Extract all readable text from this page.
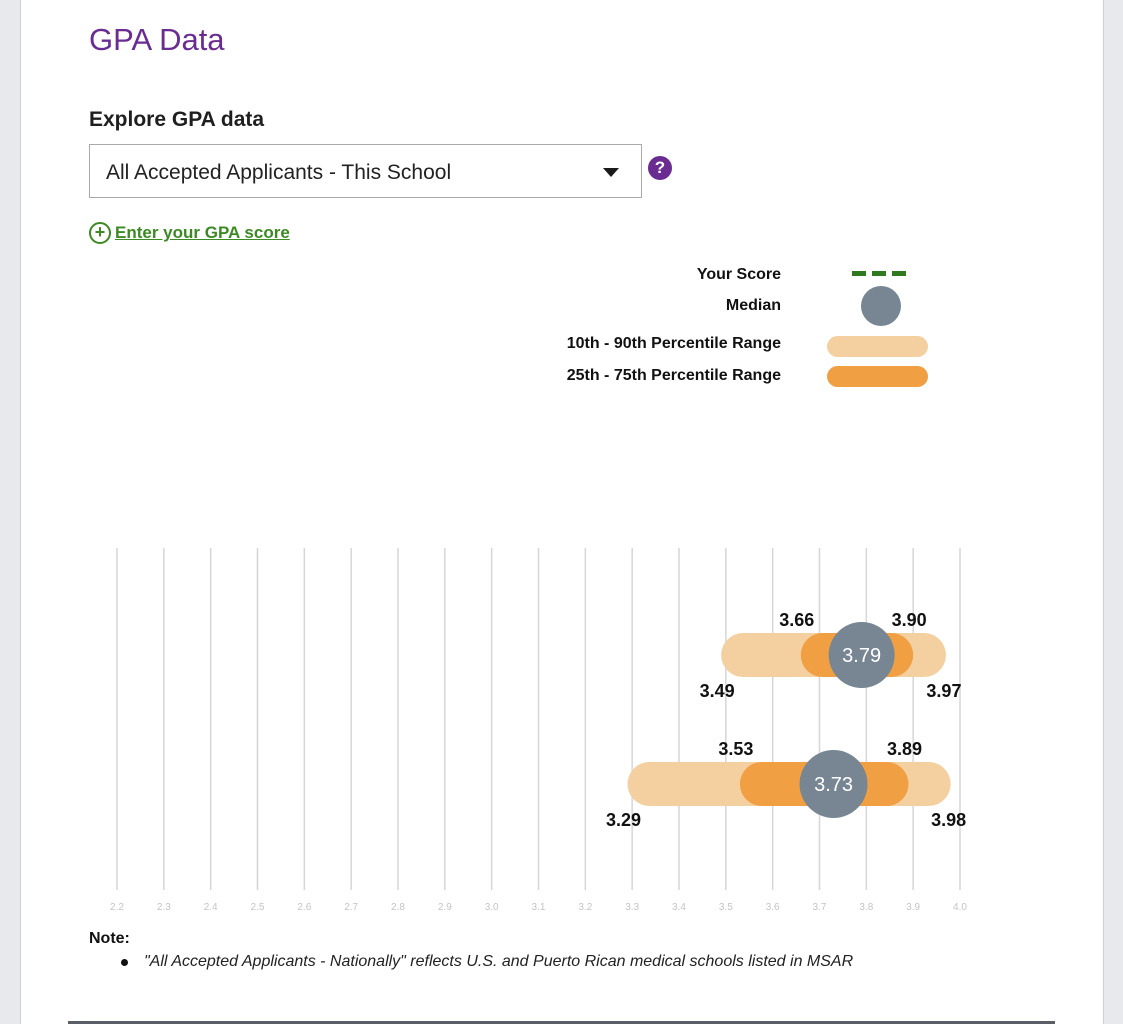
GPA Data
Explore GPA data
All Accepted Applicants - This School	?
+ Enter your GPA score
Your Score
Median
10th - 90th Percentile Range
25th - 75th Percentile Range
2.2	2.3	2.4	2.5	2.6	2.7	2.8	2.9	3.0	3.1	3.2	3.3	3.4	3.5	3.6	3.7	3.8	3.9	4.0
3.79
3.66	3.90
3.49	3.97
3.73
3.53	3.89
3.29	3.98
Note:
"All Accepted Applicants - Nationally" reflects U.S. and Puerto Rican medical schools listed in MSAR
